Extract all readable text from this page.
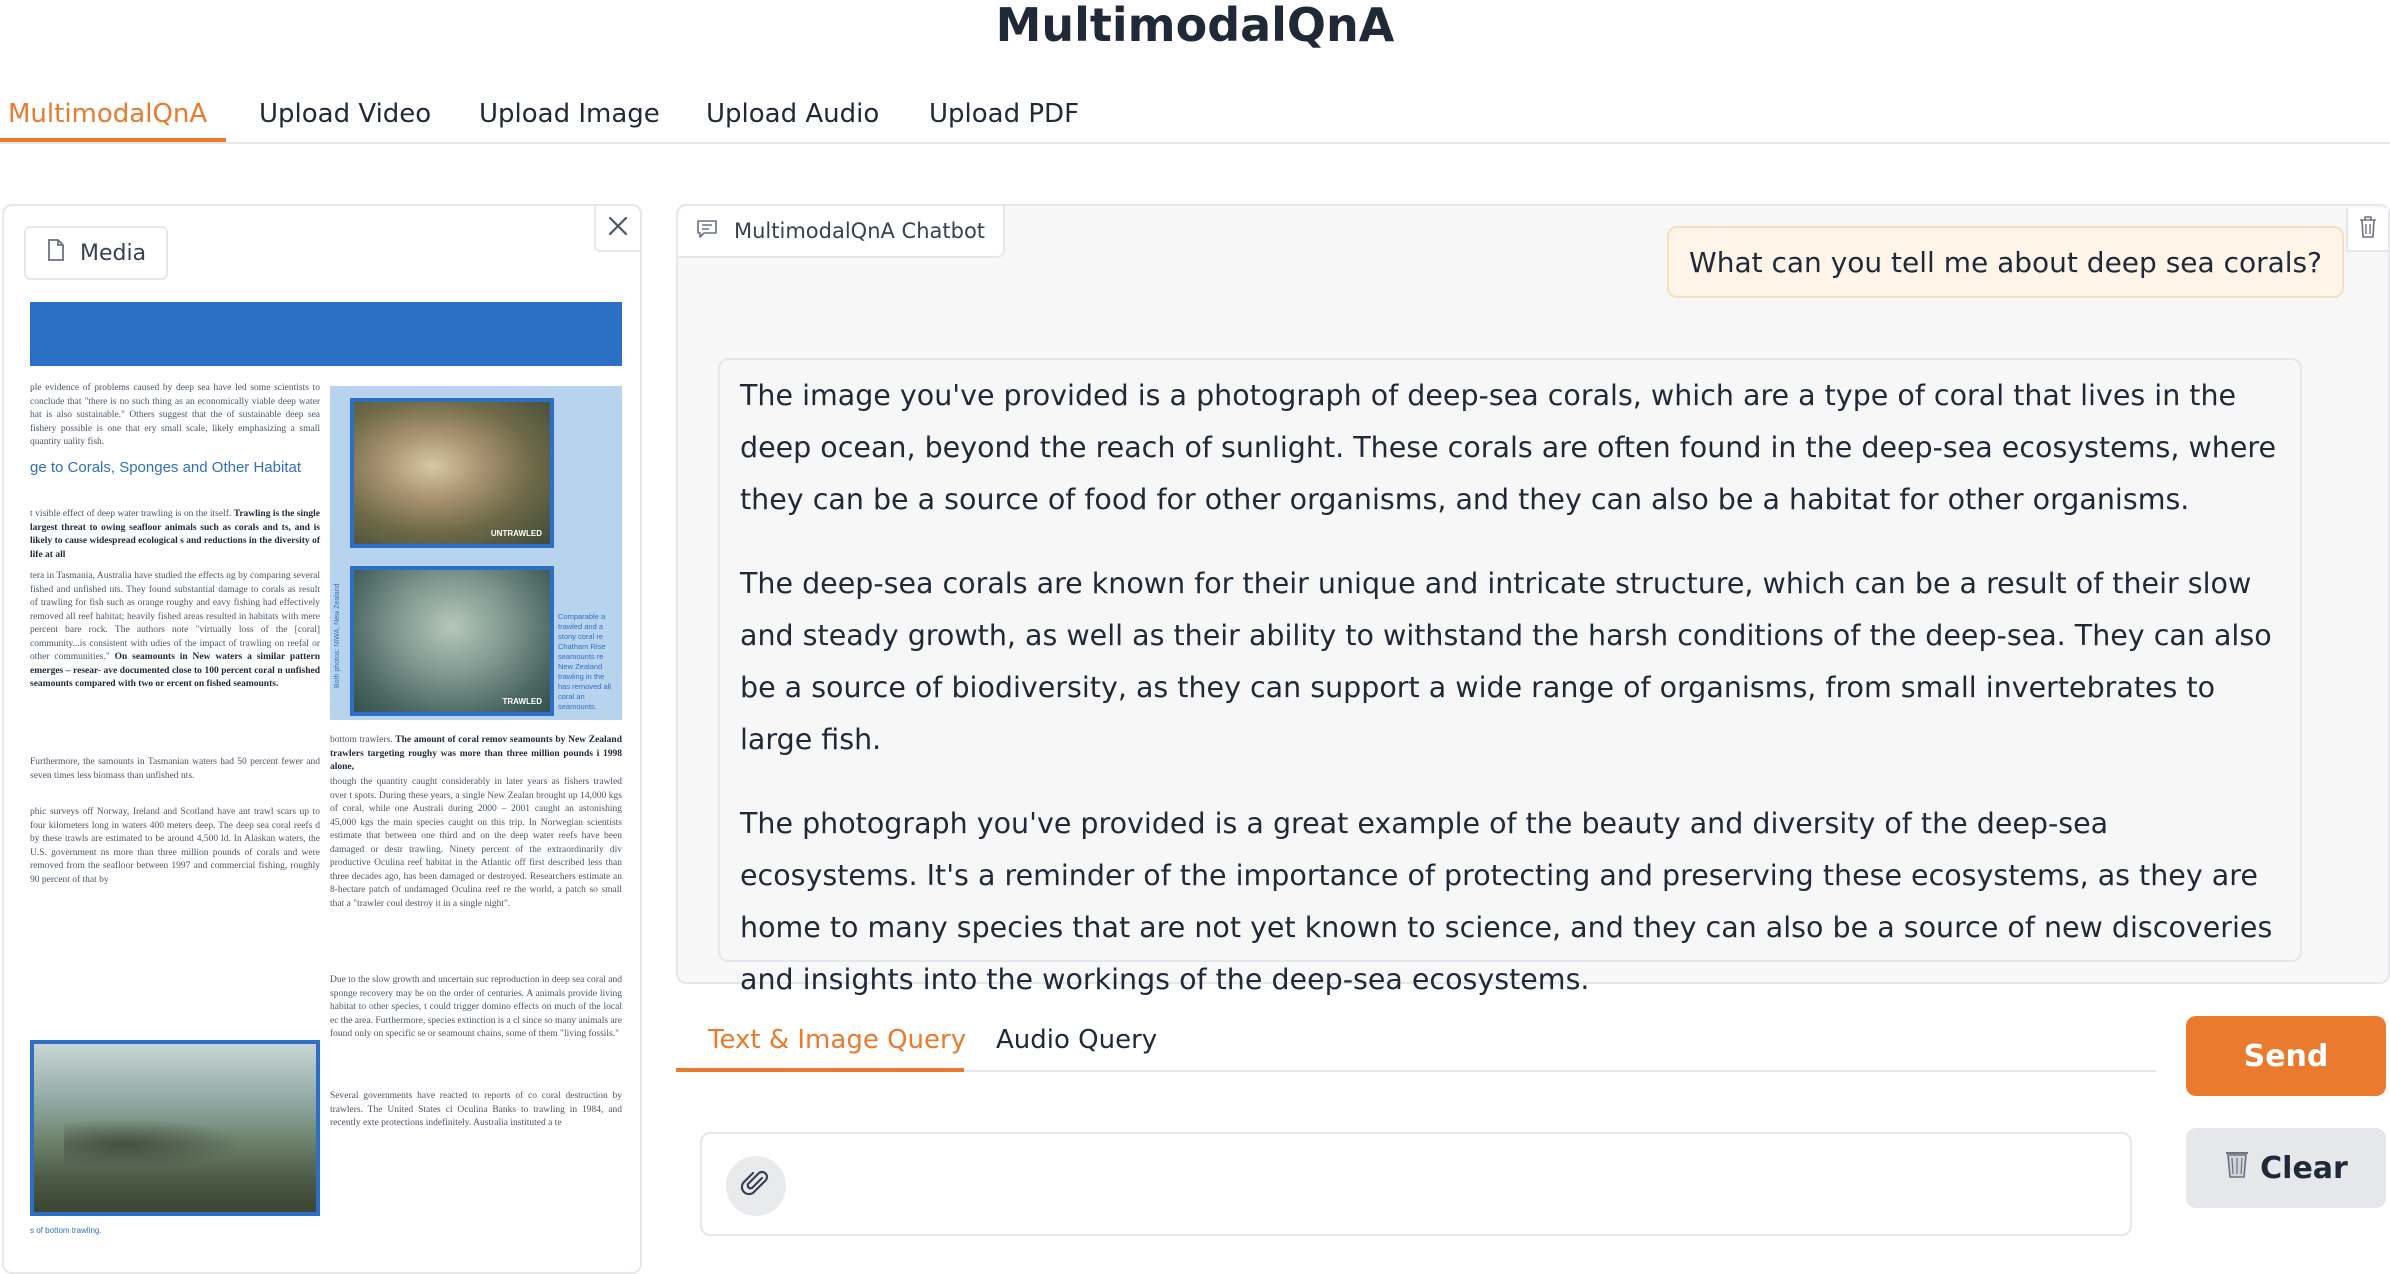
MultimodalQnA
MultimodalQnA Upload Video Upload Image Upload Audio Upload PDF
Media
ple evidence of problems caused by deep sea have led some scientists to conclude that "there is no such thing as an economically viable deep water hat is also sustainable." Others suggest that the of sustainable deep sea fishery possible is one that ery small scale, likely emphasizing a small quantity uality fish.
ge to Corals, Sponges and Other Habitat
t visible effect of deep water trawling is on the itself. Trawling is the single largest threat to owing seafloor animals such as corals and ts, and is likely to cause widespread ecological s and reductions in the diversity of life at all
tera in Tasmania, Australia have studied the effects ng by comparing several fished and unfished nts. They found substantial damage to corals as result of trawling for fish such as orange roughy and eavy fishing had effectively removed all reef habitat; heavily fished areas resulted in habitats with mere percent bare rock. The authors note "virtually loss of the [coral] community...is consistent with udies of the impact of trawling on reefal or other communities." On seamounts in New waters a similar pattern emerges – resear- ave documented close to 100 percent coral n unfished seamounts compared with two or ercent on fished seamounts.
Furthermore, the samounts in Tasmanian waters had 50 percent fewer and seven times less biomass than unfished nts.
phic surveys off Norway, Ireland and Scotland have ant trawl scars up to four kilometers long in waters 400 meters deep. The deep sea coral reefs d by these trawls are estimated to be around 4,500 ld. In Alaskan waters, the U.S. government ns more than three million pounds of corals and were removed from the seafloor between 1997 and commercial fishing, roughly 90 percent of that by
UNTRAWLED
TRAWLED
Comparable a trawled and a stony coral re Chatham Rise seamounts re New Zealand trawling in the has removed all coral an seamounts.
Both photos: NIWA, New Zealand
bottom trawlers. The amount of coral remov seamounts by New Zealand trawlers targeting roughy was more than three million pounds i 1998 alone,
though the quantity caught considerably in later years as fishers trawled over t spots. During these years, a single New Zealan brought up 14,000 kgs of coral, while one Australi during 2000 – 2001 caught an astonishing 45,000 kgs the main species caught on this trip. In Norwegian scientists estimate that between one third and on the deep water reefs have been damaged or destr trawling. Ninety percent of the extraordinarily div productive Oculina reef habitat in the Atlantic off first described less than three decades ago, has been damaged or destroyed. Researchers estimate an 8-hectare patch of undamaged Oculina reef re the world, a patch so small that a "trawler coul destroy it in a single night".
Due to the slow growth and uncertain suc reproduction in deep sea coral and sponge recovery may be on the order of centuries. A animals provide living habitat to other species, t could trigger domino effects on much of the local ec the area. Furthermore, species extinction is a cl since so many animals are found only on specific se or seamount chains, some of them "living fossils."
Several governments have reacted to reports of co coral destruction by trawlers. The United States cl Oculina Banks to trawling in 1984, and recently exte protections indefinitely. Australia instituted a te
s of bottom trawling.
MultimodalQnA Chatbot
What can you tell me about deep sea corals?

The image you've provided is a photograph of deep-sea corals, which are a type of coral that lives in the deep ocean, beyond the reach of sunlight. These corals are often found in the deep-sea ecosystems, where they can be a source of food for other organisms, and they can also be a habitat for other organisms.

The deep-sea corals are known for their unique and intricate structure, which can be a result of their slow and steady growth, as well as their ability to withstand the harsh conditions of the deep-sea. They can also be a source of biodiversity, as they can support a wide range of organisms, from small invertebrates to large fish.

The photograph you've provided is a great example of the beauty and diversity of the deep-sea ecosystems. It's a reminder of the importance of protecting and preserving these ecosystems, as they are home to many species that are not yet known to science, and they can also be a source of new discoveries and insights into the workings of the deep-sea ecosystems.

Text & Image Query Audio Query	Send
Clear
